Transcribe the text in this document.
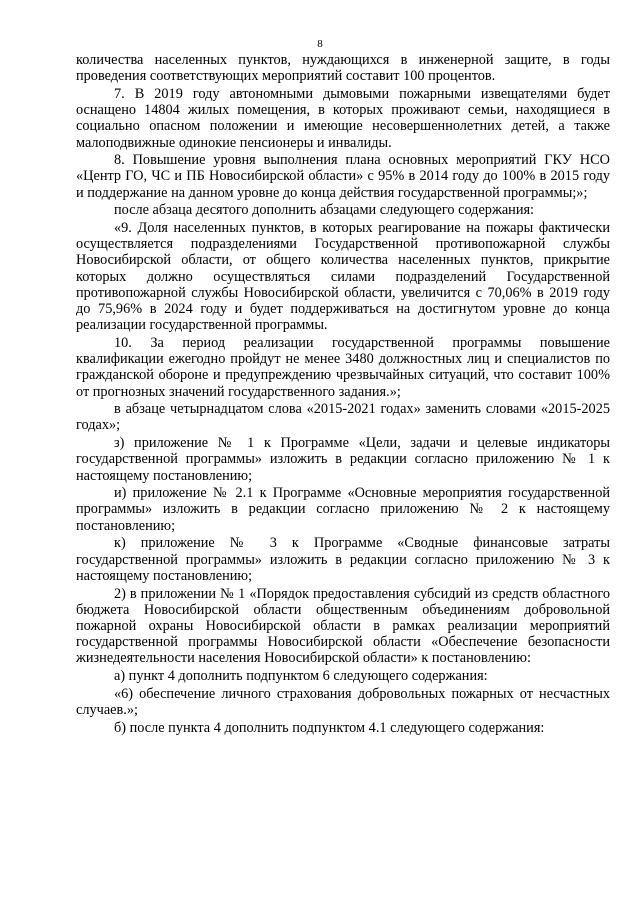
8

количества населенных пунктов, нуждающихся в инженерной защите, в годы проведения соответствующих мероприятий составит 100 процентов.

7. В 2019 году автономными дымовыми пожарными извещателями будет оснащено 14804 жилых помещения, в которых проживают семьи, находящиеся в социально опасном положении и имеющие несовершеннолетних детей, а также малоподвижные одинокие пенсионеры и инвалиды.

8. Повышение уровня выполнения плана основных мероприятий ГКУ НСО «Центр ГО, ЧС и ПБ Новосибирской области» с 95% в 2014 году до 100% в 2015 году и поддержание на данном уровне до конца действия государственной программы;»;

после абзаца десятого дополнить абзацами следующего содержания:

«9. Доля населенных пунктов, в которых реагирование на пожары фактически осуществляется подразделениями Государственной противопожарной службы Новосибирской области, от общего количества населенных пунктов, прикрытие которых должно осуществляться силами подразделений Государственной противопожарной службы Новосибирской области, увеличится с 70,06% в 2019 году до 75,96% в 2024 году и будет поддерживаться на достигнутом уровне до конца реализации государственной программы.

10. За период реализации государственной программы повышение квалификации ежегодно пройдут не менее 3480 должностных лиц и специалистов по гражданской обороне и предупреждению чрезвычайных ситуаций, что составит 100% от прогнозных значений государственного задания.»;

в абзаце четырнадцатом слова «2015-2021 годах» заменить словами «2015-2025 годах»;

з) приложение № 1 к Программе «Цели, задачи и целевые индикаторы государственной программы» изложить в редакции согласно приложению № 1 к настоящему постановлению;

и) приложение № 2.1 к Программе «Основные мероприятия государственной программы» изложить в редакции согласно приложению № 2 к настоящему постановлению;

к) приложение № 3 к Программе «Сводные финансовые затраты государственной программы» изложить в редакции согласно приложению № 3 к настоящему постановлению;

2) в приложении № 1 «Порядок предоставления субсидий из средств областного бюджета Новосибирской области общественным объединениям добровольной пожарной охраны Новосибирской области в рамках реализации мероприятий государственной программы Новосибирской области «Обеспечение безопасности жизнедеятельности населения Новосибирской области» к постановлению:

а) пункт 4 дополнить подпунктом 6 следующего содержания:

«6) обеспечение личного страхования добровольных пожарных от несчастных случаев.»;

б) после пункта 4 дополнить подпунктом 4.1 следующего содержания:
